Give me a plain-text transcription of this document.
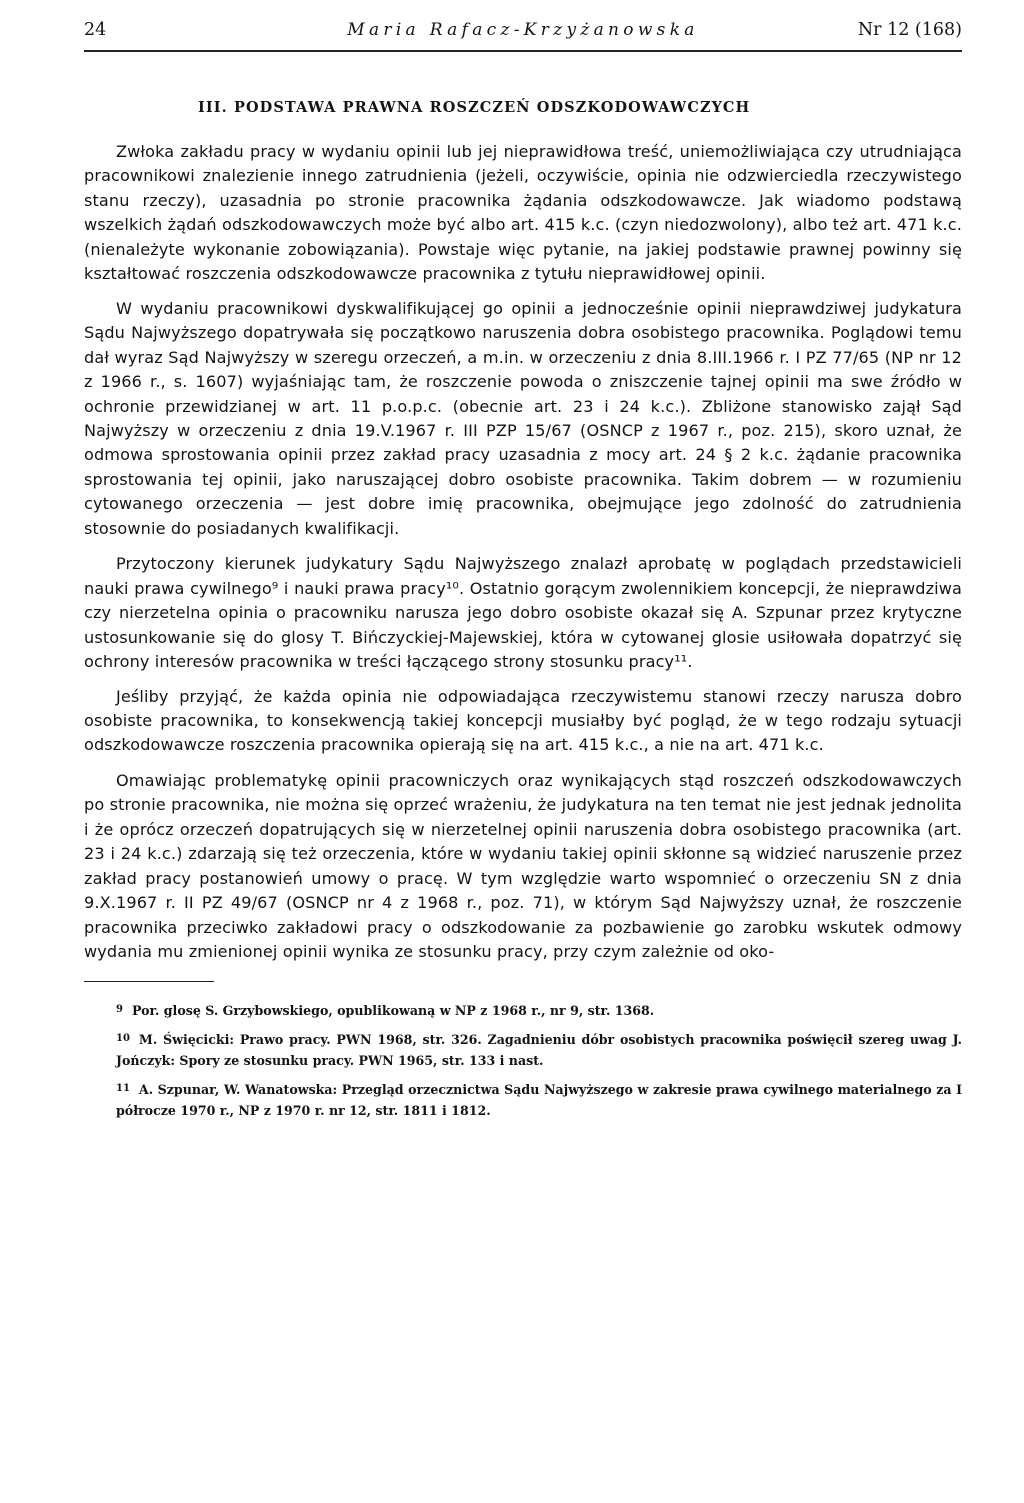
24	Maria Rafacz-Krzyżanowska	Nr 12 (168)
III. PODSTAWA PRAWNA ROSZCZEŃ ODSZKODOWAWCZYCH

Zwłoka zakładu pracy w wydaniu opinii lub jej nieprawidłowa treść, uniemożliwiająca czy utrudniająca pracownikowi znalezienie innego zatrudnienia (jeżeli, oczywiście, opinia nie odzwierciedla rzeczywistego stanu rzeczy), uzasadnia po stronie pracownika żądania odszkodowawcze. Jak wiadomo podstawą wszelkich żądań odszkodowawczych może być albo art. 415 k.c. (czyn niedozwolony), albo też art. 471 k.c. (nienależyte wykonanie zobowiązania). Powstaje więc pytanie, na jakiej podstawie prawnej powinny się kształtować roszczenia odszkodowawcze pracownika z tytułu nieprawidłowej opinii.

W wydaniu pracownikowi dyskwalifikującej go opinii a jednocześnie opinii nieprawdziwej judykatura Sądu Najwyższego dopatrywała się początkowo naruszenia dobra osobistego pracownika. Poglądowi temu dał wyraz Sąd Najwyższy w szeregu orzeczeń, a m.in. w orzeczeniu z dnia 8.III.1966 r. I PZ 77/65 (NP nr 12 z 1966 r., s. 1607) wyjaśniając tam, że roszczenie powoda o zniszczenie tajnej opinii ma swe źródło w ochronie przewidzianej w art. 11 p.o.p.c. (obecnie art. 23 i 24 k.c.). Zbliżone stanowisko zajął Sąd Najwyższy w orzeczeniu z dnia 19.V.1967 r. III PZP 15/67 (OSNCP z 1967 r., poz. 215), skoro uznał, że odmowa sprostowania opinii przez zakład pracy uzasadnia z mocy art. 24 § 2 k.c. żądanie pracownika sprostowania tej opinii, jako naruszającej dobro osobiste pracownika. Takim dobrem — w rozumieniu cytowanego orzeczenia — jest dobre imię pracownika, obejmujące jego zdolność do zatrudnienia stosownie do posiadanych kwalifikacji.

Przytoczony kierunek judykatury Sądu Najwyższego znalazł aprobatę w poglądach przedstawicieli nauki prawa cywilnego⁹ i nauki prawa pracy¹⁰. Ostatnio gorącym zwolennikiem koncepcji, że nieprawdziwa czy nierzetelna opinia o pracowniku narusza jego dobro osobiste okazał się A. Szpunar przez krytyczne ustosunkowanie się do glosy T. Bińczyckiej-Majewskiej, która w cytowanej glosie usiłowała dopatrzyć się ochrony interesów pracownika w treści łączącego strony stosunku pracy¹¹.

Jeśliby przyjąć, że każda opinia nie odpowiadająca rzeczywistemu stanowi rzeczy narusza dobro osobiste pracownika, to konsekwencją takiej koncepcji musiałby być pogląd, że w tego rodzaju sytuacji odszkodowawcze roszczenia pracownika opierają się na art. 415 k.c., a nie na art. 471 k.c.

Omawiając problematykę opinii pracowniczych oraz wynikających stąd roszczeń odszkodowawczych po stronie pracownika, nie można się oprzeć wrażeniu, że judykatura na ten temat nie jest jednak jednolita i że oprócz orzeczeń dopatrujących się w nierzetelnej opinii naruszenia dobra osobistego pracownika (art. 23 i 24 k.c.) zdarzają się też orzeczenia, które w wydaniu takiej opinii skłonne są widzieć naruszenie przez zakład pracy postanowień umowy o pracę. W tym względzie warto wspomnieć o orzeczeniu SN z dnia 9.X.1967 r. II PZ 49/67 (OSNCP nr 4 z 1968 r., poz. 71), w którym Sąd Najwyższy uznał, że roszczenie pracownika przeciwko zakładowi pracy o odszkodowanie za pozbawienie go zarobku wskutek odmowy wydania mu zmienionej opinii wynika ze stosunku pracy, przy czym zależnie od oko-

$^9$ Por. glosę S. Grzybowskiego, opublikowaną w NP z 1968 r., nr 9, str. 1368.

$^{10}$ M. Święcicki: Prawo pracy. PWN 1968, str. 326. Zagadnieniu dóbr osobistych pracownika poświęcił szereg uwag J. Jończyk: Spory ze stosunku pracy. PWN 1965, str. 133 i nast.

$^{11}$ A. Szpunar, W. Wanatowska: Przegląd orzecznictwa Sądu Najwyższego w zakresie prawa cywilnego materialnego za I półrocze 1970 r., NP z 1970 r. nr 12, str. 1811 i 1812.
